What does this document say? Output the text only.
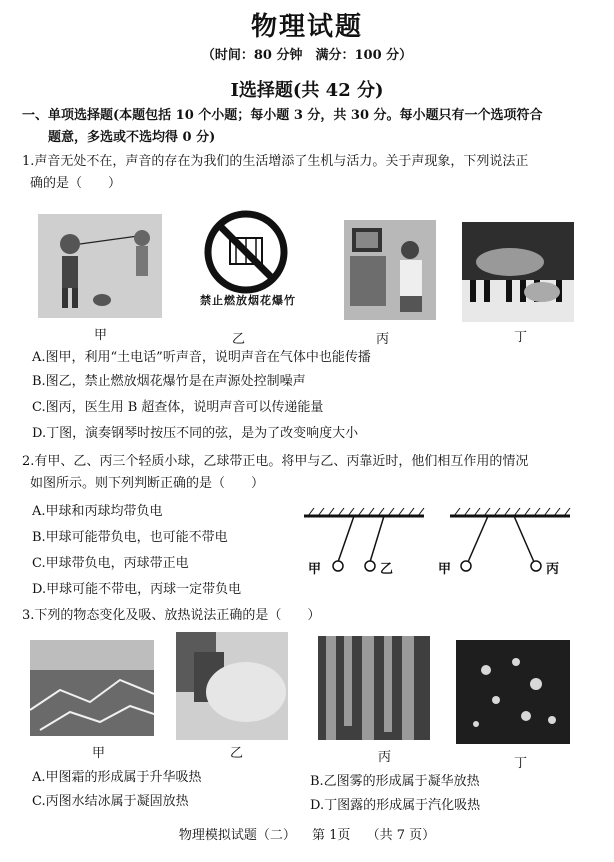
物理试题
（时间：80 分钟　满分：100 分）
Ⅰ选择题(共 42 分)
一、单项选择题(本题包括 10 个小题；每小题 3 分，共 30 分。每小题只有一个选项符合
题意，多选或不选均得 0 分)
1.声音无处不在，声音的存在为我们的生活增添了生机与活力。关于声现象，下列说法正
确的是（　　）
禁止燃放烟花爆竹
甲	乙	丙	丁
A.图甲，利用“土电话”听声音，说明声音在气体中也能传播
B.图乙，禁止燃放烟花爆竹是在声源处控制噪声
C.图丙，医生用 B 超查体，说明声音可以传递能量
D.丁图，演奏钢琴时按压不同的弦，是为了改变响度大小
2.有甲、乙、丙三个轻质小球，乙球带正电。将甲与乙、丙靠近时，他们相互作用的情况
如图所示。则下列判断正确的是（　　）
A.甲球和丙球均带负电
B.甲球可能带负电，也可能不带电
C.甲球带负电，丙球带正电
D.甲球可能不带电，丙球一定带负电
甲	乙	甲	丙
3.下列的物态变化及吸、放热说法正确的是（　　）
甲	乙	丙	丁
A.甲图霜的形成属于升华吸热	B.乙图雾的形成属于凝华放热
C.丙图水结冰属于凝固放热	D.丁图露的形成属于汽化吸热
物理模拟试题（二） 第 1页 （共 7 页）
